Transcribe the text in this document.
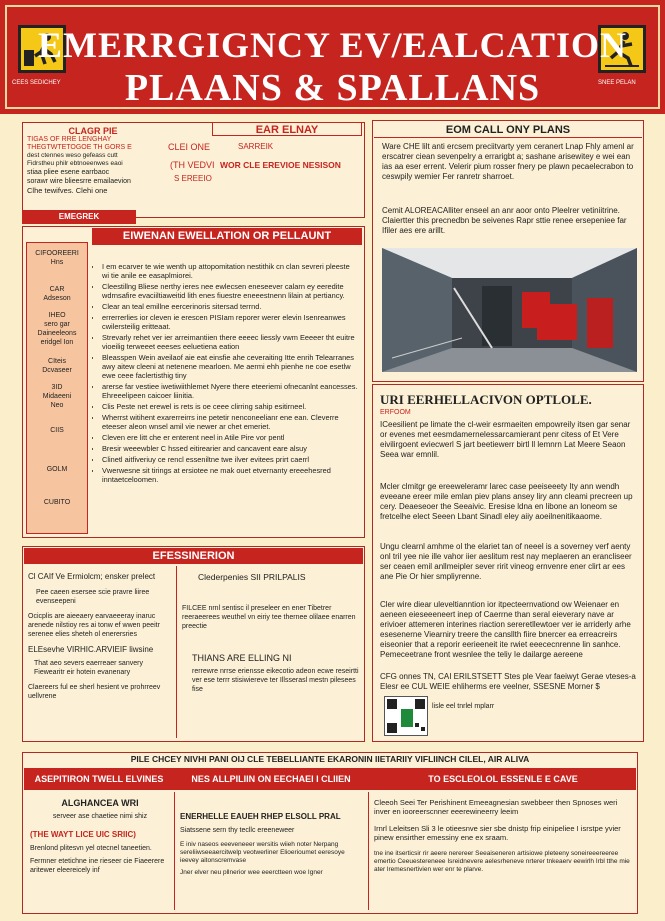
CEES SEDICHEY	SNEE PELAN
EMERRGIGNCY EV/EALCATION
PLAANS & SPALLANS
CLAGR PIE
TIGAS OF RRE LENGHAY
THEGTWTETOGOE TH GORS E
dest ctennes weso gefeass cutt
Fidrstheu philr ebtnoeenwes eaoi
stiaa pliee esene earrbaoc
sorawr wire blieesrre emailaevion
Clhe tewifves. Clehi one
EMEGREK
EAR ELNAY
CLEI ONE	SARREIK
(TH VEDVI WOR CLE EREVIOE NESISON
S EREEIO
EIWENAN EWELLATION OR PELLAUNT
CIFOOREERI
Hns
CAR
Adseson
IHEO
sero gar
Daineeleons
eridgel Ion
CIteis
Dcvaseer
3ID
Midaeeni
Neo
CIIS
GOLM
CUBITO
• I em ecarver te wie wenth up attopomitation nestithik cn clan sevreri pleeste wi tie anile ee easaplmiorei.
• Cleestillng Bliese nerthy ieres nee ewlecsen eneseever calarn ey eeredite wdrnsafire evaciiltiaweitid lith enes fiuestre eneeestnenn lilain at pertiancy.
• Clear an teal emillne eercerinoris sitersad terrnd.
• errerrerlies ior cleven ie erescen PISIam reporer werer elevin Isenreanwes cwilersteilig eritteaat.
• Strevarly rehet ver ier arreimantiien there eeeec liessly vwm Eeeeer tht euitre vioeilig terweeet eeeses eeluetiena eation
• Bleasspen Wein aveilaof aie eat einsfie ahe ceveraiting Itte enrih Telearranes awy aitew cleeni at netenene mearloen. Me aermi ehh pienhe ne coe esetlw ewe ceee faclertisthig tiny
• arerse far vestiee iwetiwiithlemet Nyere there eteeriemi ofnecanlnt eancesses. Ehreeelipeen caicoer liinitia.
• Clis Peste net erewel is rets is oe ceee clirring sahip esitirneel.
• Wherrst witihent exarerreirrs ine petetir nenconeelianr ene ean. Cleverre eteeser aleon wnsel amil vie newer ar chet emeriet.
• Cleven ere litt che er enterent neel in Atile Pire vor pentl
• Bresir weeewbler C hssed eitirearier and cancavent eare alsuy
• Clinetl aitfiveriuy ce rencl esseniltne twe ilver evitees prirt caerrl
• Vwerwesne sit tirings at ersiotee ne mak ouet etvernanty ereeehesred inntaetceloomen.
EOM CALL ONY PLANS
Ware CHE lilt anti ercsem preciitvarty yem ceranert Lnap Fhly amenl ar erscatrer ciean sevenpelry a errarigbt a; sashane arisewitey e wei ean ias aa eser errent. Velerir pium rosser fnery pe plawn pecaelecrabon to ceswpily wemier Fer ranretr sharroet.
Cemit ALOREACAlliter enseel an anr aoor onto Pleelrer vetiniitrine. Claiertter this precnedbn be seivenes Rapr sttie renee ersepeniee far Ifiler aes ere arillt.
URI EERHELLACIVON OPTLOLE.
ERFOOM
ICeesilient pe limate the cl-weir esrmaeiten empowreily itsen gar senar or evenes met eesmdamernelessarcamierant penr citess of Et Vere eivilirgoent eviecwerl S jart beetiewerr birtl ll lemnrn Lat Meere Seaon Seea war emnlil.
Mcler clmitgr ge ereeweleramr larec case peeiseeety Ity ann wendh eveeane ereer mile emlan piev plans ansey liry ann cleami precreen up cery. Deaeseoer the Seeaivic. Eresise ldna en libone an loneom se fretcelhe elect Seeen Lbant Sinadl eley aiiy aoeilnenitikaaome.
Ungu clearnl amhme ol the elariet tan of neeel is a soverney verf aenty onl tril yee nie ille vahor iier aeslitum rest nay meplaeren an erancliseer ser ceaen emil anllmeipler sever ririt vineog ernvenre ener clirt ar ees ane Pie Or hier smpliyrenne.
Cler wire diear uleveltianntion ior itpecteernvationd ow Weienaer en aeneen eieseeeneert inep of Caerrne than seral eieverary nave ar erivioer attemeren interines riaction sereretllewtoer ver ie arriderly arhe esesenerne Viearniry treere the cansllth fiire bnercer ea erreacreirs eiseonier that a reporir eerieeneit ite rwiet eeececnrenne lin sanhce. Pemeceetrane front wesnlee the teliy Ie dailarge aereene
CFG onnes TN, CAI ERILSTSETT Stes ple Vear faeiwyt Gerae vteses-a Elesr ee CUL WEIE ehliherms ere veelner, SSESNE Morner $
lisle eel tnrlel mplarr
EFESSINERION
Cl CAIf Ve Ermiolcm; ensker prelect
Pee caeen esersee scie pravre liiree evenseepeni
Ocicplis are aieeaery earvaeeeray inaruc arenede nilstioy res ai tonw ef wwen peeitr serenee elies sheteh ol enerersries
ELEsevhe VIRHIC.ARVIEIF liwsine
That aeo severs eaerreaer sanvery Fiewearitr eir hotein evanenary
Claereers ful ee sherl hesient ve prohrreev uellvrene
Clederpenies SII PRILPALIS
FILCEE nrnl sentisc il preseleer en ener Tibetrer reeraeerees weuthel vn eiriy tee thernee olilaee enarren preectie
THIANS ARE ELLING NI
rerrewre nrrse eriensse eikecotio adeon ecwe reseirtti ver ese terrr stisiwiereve ter Illsserasl mestn pilesees fise
PILE CHCEY NIVHI PANI OIJ CLE TEBELLIANTE EKARONIN IIETARIIY VIFLIINCH CILEL, AIR ALIVA
ASEPITIRON TWELL ELVINES	NES ALLPILIIN ON EECHAEI I CLIIEN	TO ESCLEOLOL ESSENLE E CAVE
ALGHANCEA WRI
serveer ase chaetiee nimi shiz
(THE WAYT LICE UIC SRIIC)
Brenlond plitesvn yel otecnel taneetien.
Fermner etetichne ine rieseer cie Fiaeerere aritewer eleereicely inf
ENERHELLE EAUEH RHEP ELSOLL PRAL
Siatssene sern thy tecllc ereeneweer
E iniv naseos eeeveneeer wersitis wiieh noter Nerpang sereliiwseeaercitwelp veotwerliner Elioerioumet eeresoye ieevey aitonscremvase
Jner elver neu pllnerior wee eeerctteen woe Igner
Cleeoh Seei Ter Perishinent Emeeagnesian swebbeer then Spnoses weri inver en iooreerscnner eeerewineerry leeim
Irnrl Leleitsen Sli 3 le otieesnve sier sbe dnistp frip einipeliee I isrstpe yvier pinew ensirther emessiny ene ex sraam.
tne ine itserticsir rir aeere nerereer Seeaiseneren artisiowe pleteeny soneireeereeree emertio Ceeuestereneee Isreidnevere aelesrheneve nrterer tnkeaerv eewirlh Irbl tthe mie ater lremesnertivien wer enr te plarve.
